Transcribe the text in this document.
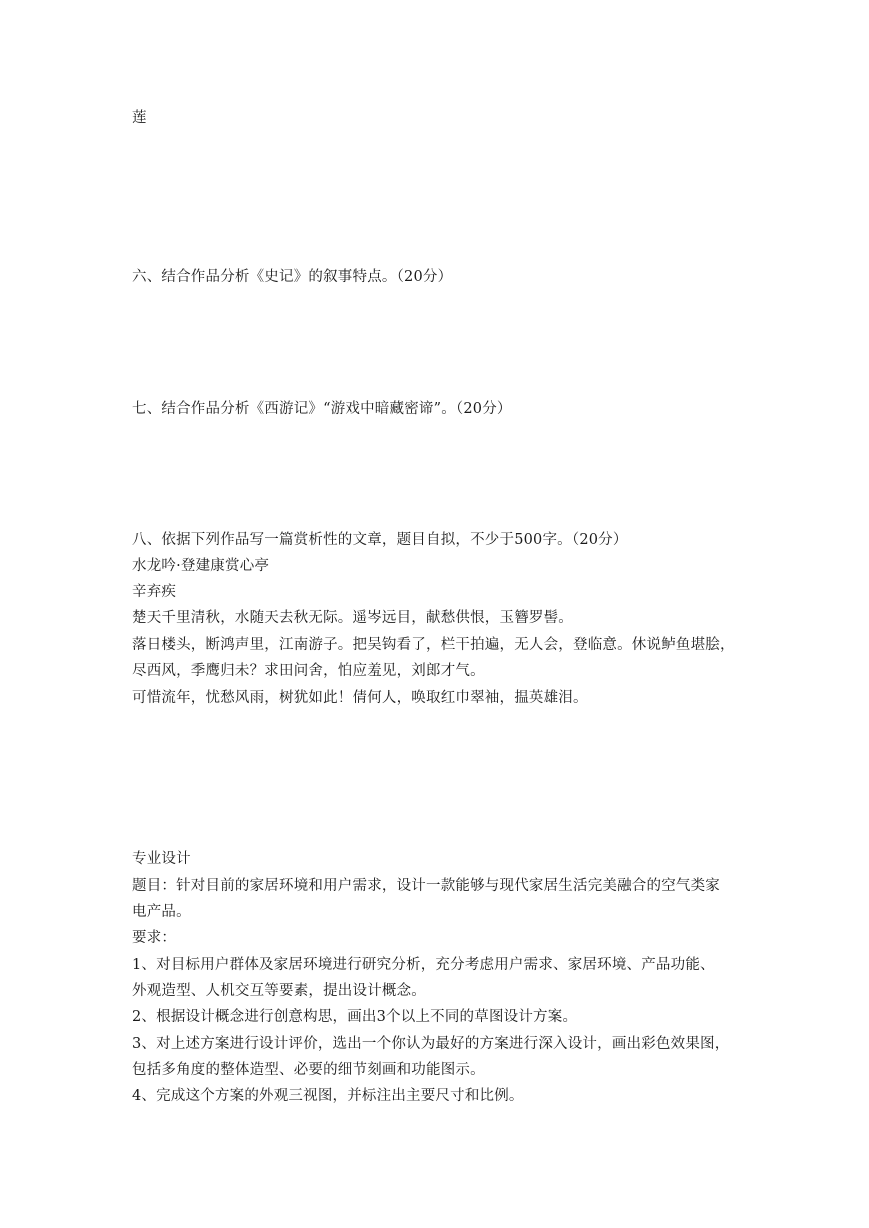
莲
六、结合作品分析《史记》的叙事特点。（20分）
七、结合作品分析《西游记》“游戏中暗藏密谛”。（20分）
八、依据下列作品写一篇赏析性的文章，题目自拟，不少于500字。（20分）
水龙吟·登建康赏心亭
辛弃疾
楚天千里清秋，水随天去秋无际。遥岑远目，献愁供恨，玉簪罗髻。
落日楼头，断鸿声里，江南游子。把吴钩看了，栏干拍遍，无人会，登临意。休说鲈鱼堪脍，
尽西风，季鹰归未？求田问舍，怕应羞见，刘郎才气。
可惜流年，忧愁风雨，树犹如此！倩何人，唤取红巾翠袖，揾英雄泪。
专业设计
题目：针对目前的家居环境和用户需求，设计一款能够与现代家居生活完美融合的空气类家
电产品。
要求：
1、对目标用户群体及家居环境进行研究分析，充分考虑用户需求、家居环境、产品功能、
外观造型、人机交互等要素，提出设计概念。
2、根据设计概念进行创意构思，画出3个以上不同的草图设计方案。
3、对上述方案进行设计评价，选出一个你认为最好的方案进行深入设计，画出彩色效果图，
包括多角度的整体造型、必要的细节刻画和功能图示。
4、完成这个方案的外观三视图，并标注出主要尺寸和比例。
